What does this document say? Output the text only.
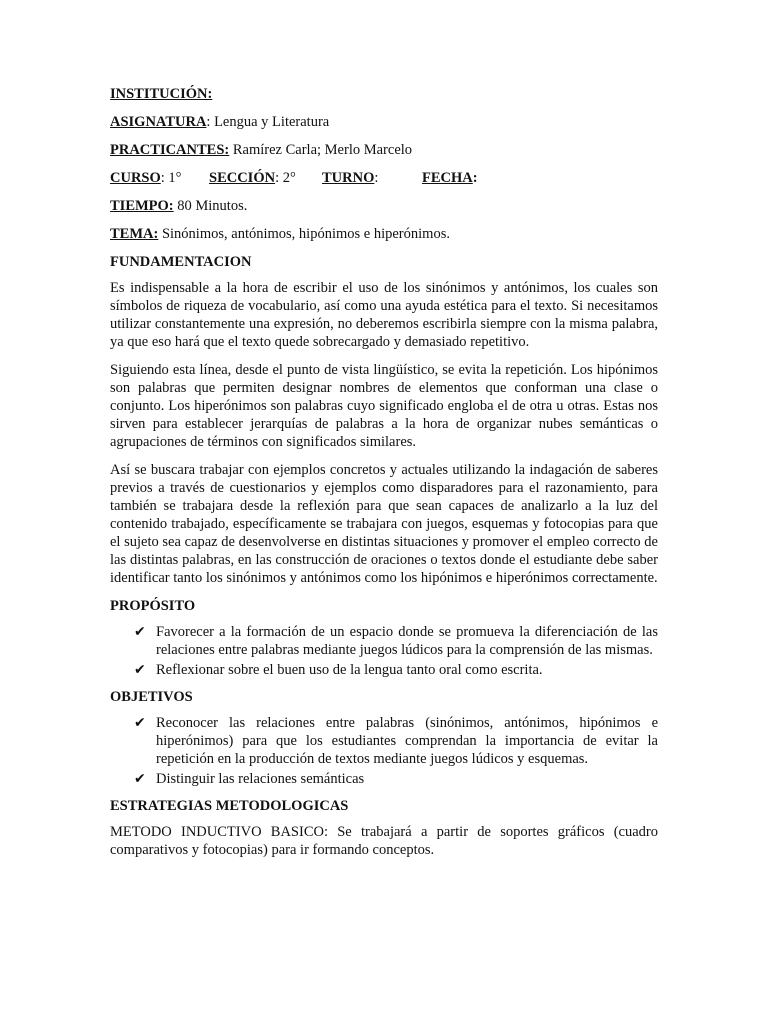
INSTITUCIÓN:
ASIGNATURA: Lengua y Literatura
PRACTICANTES: Ramírez Carla; Merlo Marcelo
CURSO: 1° SECCIÓN: 2° TURNO:	FECHA:
TIEMPO: 80 Minutos.
TEMA: Sinónimos, antónimos, hipónimos e hiperónimos.
FUNDAMENTACION

Es indispensable a la hora de escribir el uso de los sinónimos y antónimos, los cuales son símbolos de riqueza de vocabulario, así como una ayuda estética para el texto. Si necesitamos utilizar constantemente una expresión, no deberemos escribirla siempre con la misma palabra, ya que eso hará que el texto quede sobrecargado y demasiado repetitivo.

Siguiendo esta línea, desde el punto de vista lingüístico, se evita la repetición. Los hipónimos son palabras que permiten designar nombres de elementos que conforman una clase o conjunto. Los hiperónimos son palabras cuyo significado engloba el de otra u otras. Estas nos sirven para establecer jerarquías de palabras a la hora de organizar nubes semánticas o agrupaciones de términos con significados similares.

Así se buscara trabajar con ejemplos concretos y actuales utilizando la indagación de saberes previos a través de cuestionarios y ejemplos como disparadores para el razonamiento, para también se trabajara desde la reflexión para que sean capaces de analizarlo a la luz del contenido trabajado, específicamente se trabajara con juegos, esquemas y fotocopias para que el sujeto sea capaz de desenvolverse en distintas situaciones y promover el empleo correcto de las distintas palabras, en las construcción de oraciones o textos donde el estudiante debe saber identificar tanto los sinónimos y antónimos como los hipónimos e hiperónimos correctamente.

PROPÓSITO
✔ Favorecer a la formación de un espacio donde se promueva la diferenciación de las relaciones entre palabras mediante juegos lúdicos para la comprensión de las mismas.
✔ Reflexionar sobre el buen uso de la lengua tanto oral como escrita.
OBJETIVOS
✔ Reconocer las relaciones entre palabras (sinónimos, antónimos, hipónimos e hiperónimos) para que los estudiantes comprendan la importancia de evitar la repetición en la producción de textos mediante juegos lúdicos y esquemas.
✔ Distinguir las relaciones semánticas
ESTRATEGIAS METODOLOGICAS

METODO INDUCTIVO BASICO: Se trabajará a partir de soportes gráficos (cuadro comparativos y fotocopias) para ir formando conceptos.
